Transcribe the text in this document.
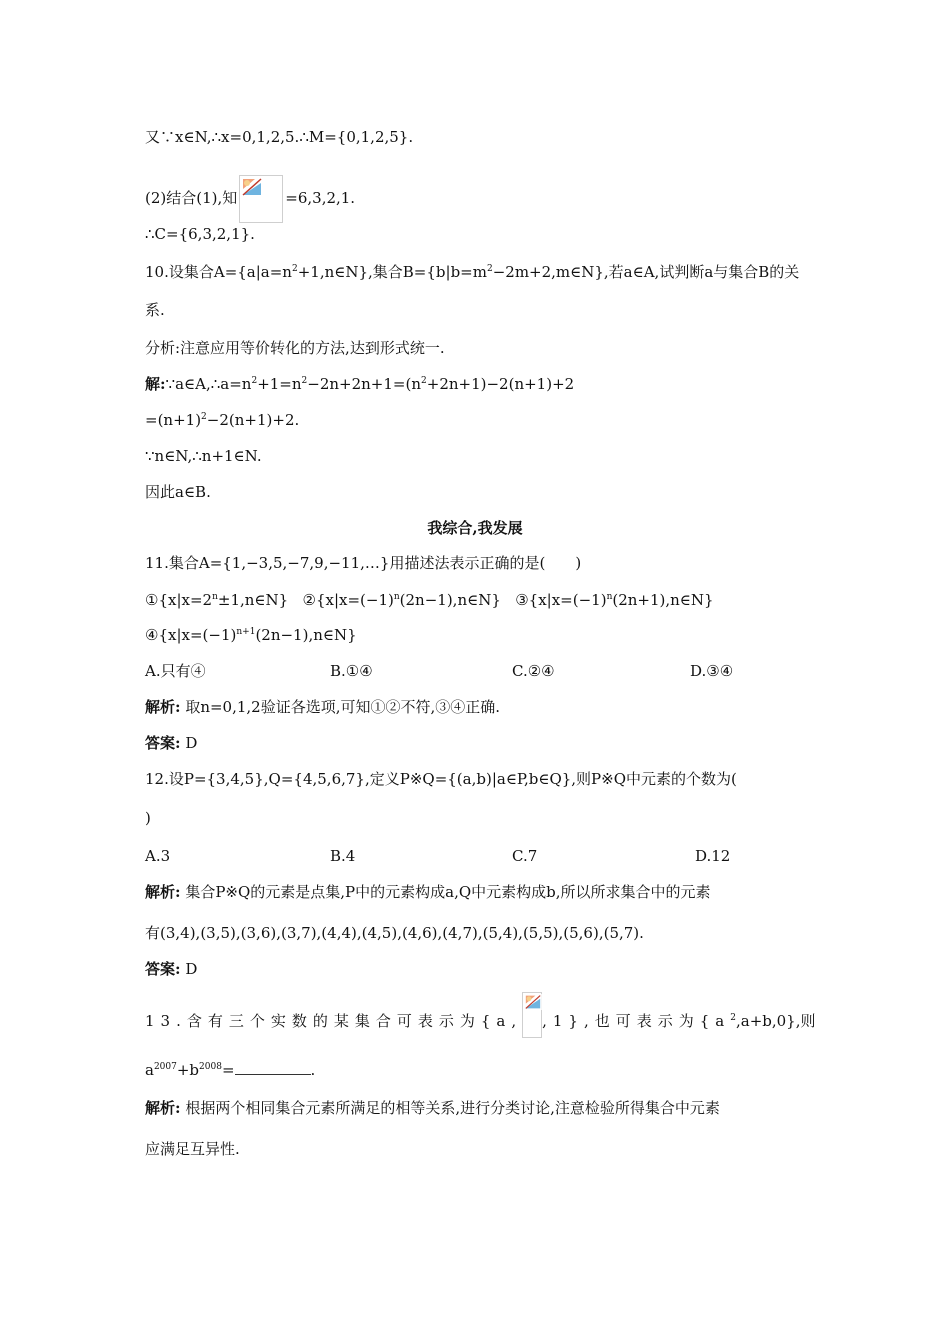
又∵x∈N,∴x=0,1,2,5.∴M={0,1,2,5}.
(2)结合(1),知	=6,3,2,1.
∴C={6,3,2,1}.
10.设集合$A=\{a|a=n^2+1,n\in N\}$,集合$B=\{b|b=m^2-2m+2,m\in N\}$,若a∈A,试判断a与集合B的关
系.
分析:注意应用等价转化的方法,达到形式统一.
解$:\because a\in A,\therefore a=n^2+1=n^2-2n+2n+1=(n^2+2n+1)-2(n+1)+2$
$=(n+1)^2-2(n+1)+2$.
∵n∈N,∴n+1∈N.
因此a∈B.
我综合,我发展
11.集合A={1,−3,5,−7,9,−11,…}用描述法表示正确的是(　　)
$①\{x|x=2^n\pm 1,n\in N\}$ $②\{x|x=(-1)^n(2n-1),n\in N\}$ $③\{x|x=(-1)^n(2n+1),n\in N\}$
$④\{x|x=(-1)^{n+1}(2n-1),n\in N\}$
A.只有④	B.①④	C.②④	D.③④
解析: 取n=0,1,2验证各选项,可知①②不符,③④正确.
答案: D
12.设P={3,4,5},Q={4,5,6,7},定义P※Q={(a,b)|a∈P,b∈Q},则P※Q中元素的个数为(
)
A.3	B.4	C.7	D.12
解析: 集合P※Q的元素是点集,P中的元素构成a,Q中元素构成b,所以所求集合中的元素
有(3,4),(3,5),(3,6),(3,7),(4,4),(4,5),(4,6),(4,7),(5,4),(5,5),(5,6),(5,7).
答案: D
13.含有三个实数的某集合可表示为{a, ,1},也可表示为$\{a^2,a+b,0\}$,则
$a^{2007}+b^{2008}=$	.
解析: 根据两个相同集合元素所满足的相等关系,进行分类讨论,注意检验所得集合中元素
应满足互异性.
